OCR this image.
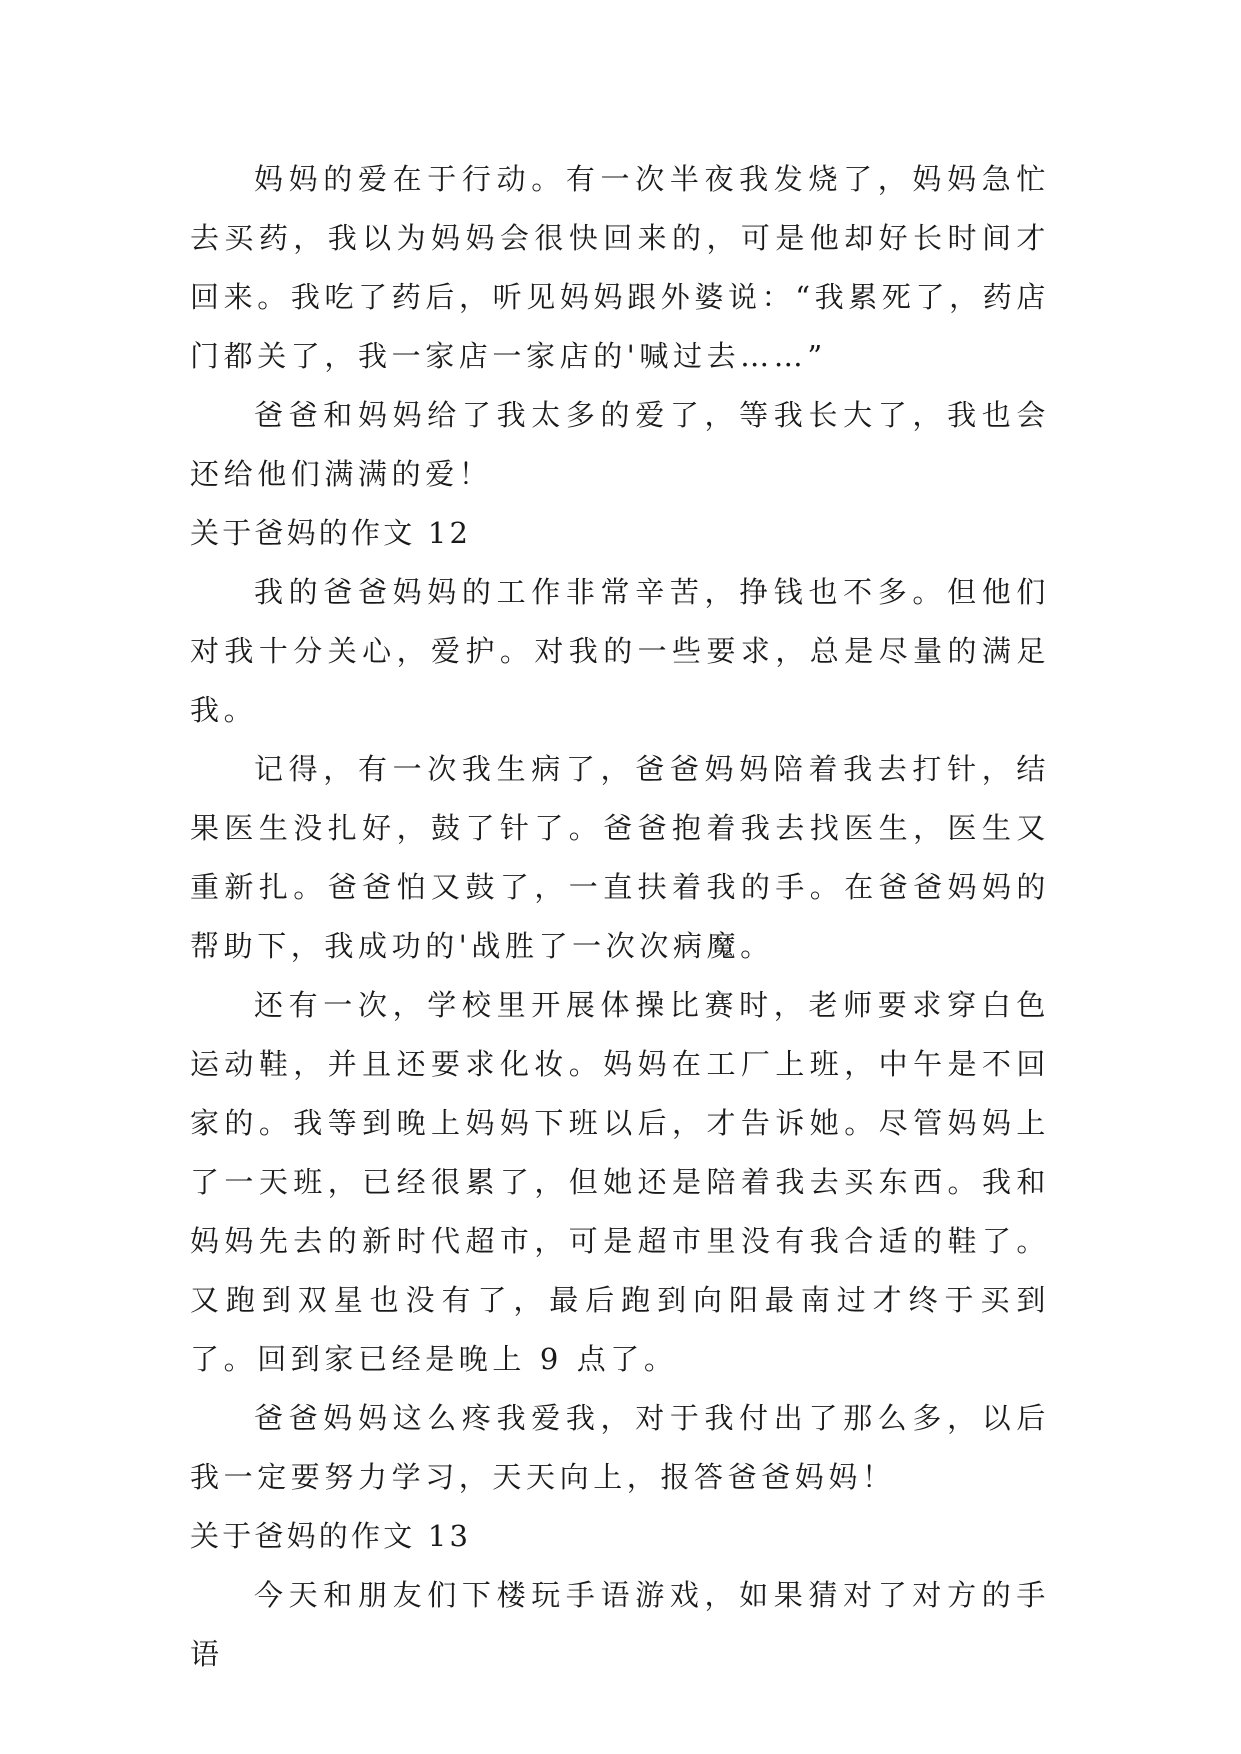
妈妈的爱在于行动。有一次半夜我发烧了，妈妈急忙去买药，我以为妈妈会很快回来的，可是他却好长时间才回来。我吃了药后，听见妈妈跟外婆说：“我累死了，药店门都关了，我一家店一家店的'喊过去……”

爸爸和妈妈给了我太多的爱了，等我长大了，我也会还给他们满满的爱！

关于爸妈的作文 12

我的爸爸妈妈的工作非常辛苦，挣钱也不多。但他们对我十分关心，爱护。对我的一些要求，总是尽量的满足我。

记得，有一次我生病了，爸爸妈妈陪着我去打针，结果医生没扎好，鼓了针了。爸爸抱着我去找医生，医生又重新扎。爸爸怕又鼓了，一直扶着我的手。在爸爸妈妈的帮助下，我成功的'战胜了一次次病魔。

还有一次，学校里开展体操比赛时，老师要求穿白色运动鞋，并且还要求化妆。妈妈在工厂上班，中午是不回家的。我等到晚上妈妈下班以后，才告诉她。尽管妈妈上了一天班，已经很累了，但她还是陪着我去买东西。我和妈妈先去的新时代超市，可是超市里没有我合适的鞋了。又跑到双星也没有了，最后跑到向阳最南过才终于买到了。回到家已经是晚上 9 点了。

爸爸妈妈这么疼我爱我，对于我付出了那么多，以后我一定要努力学习，天天向上，报答爸爸妈妈！

关于爸妈的作文 13

今天和朋友们下楼玩手语游戏，如果猜对了对方的手语
